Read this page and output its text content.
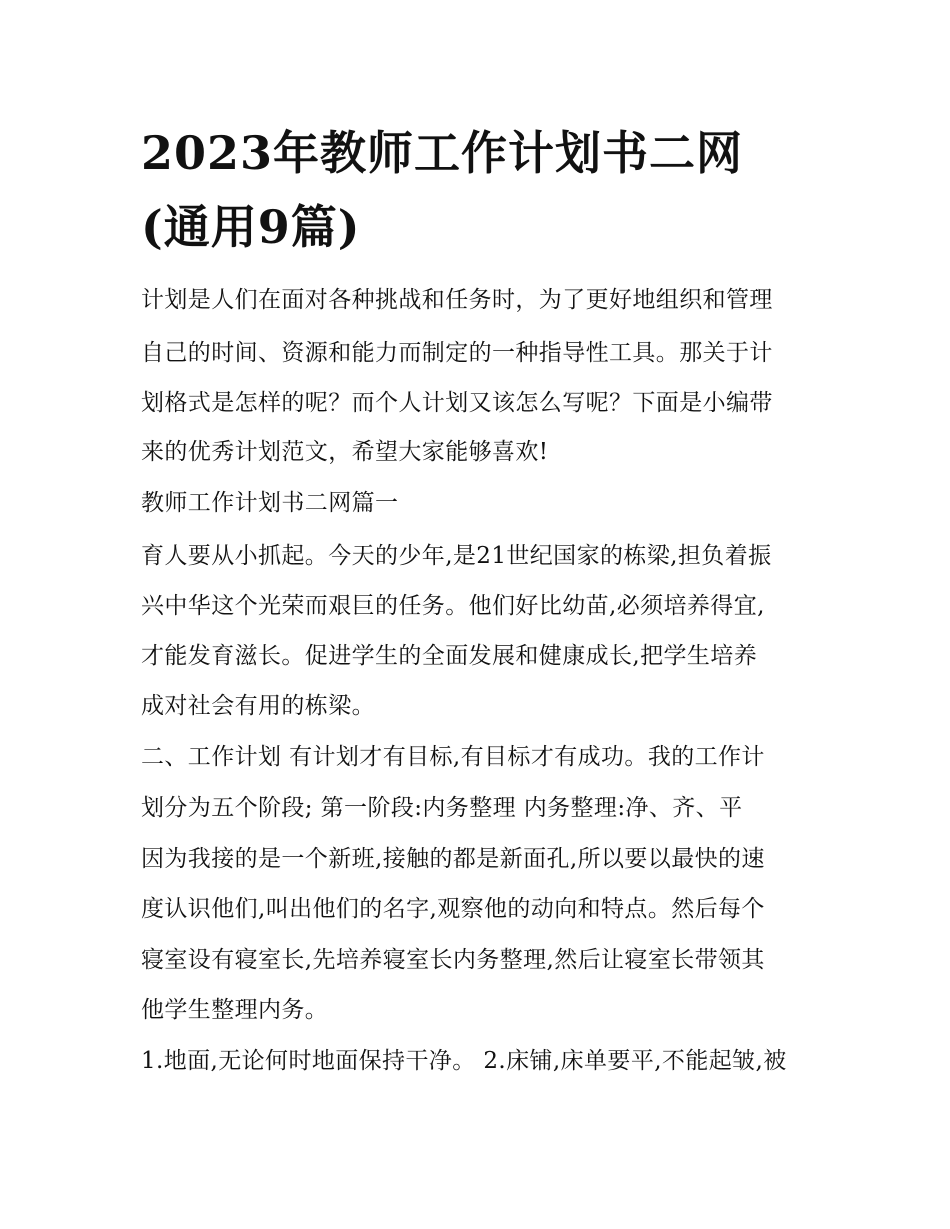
2023年教师工作计划书二网
(通用9篇)
计划是人们在面对各种挑战和任务时，为了更好地组织和管理
自己的时间、资源和能力而制定的一种指导性工具。那关于计
划格式是怎样的呢？而个人计划又该怎么写呢？下面是小编带
来的优秀计划范文，希望大家能够喜欢!
教师工作计划书二网篇一
育人要从小抓起。今天的少年,是21世纪国家的栋梁,担负着振
兴中华这个光荣而艰巨的任务。他们好比幼苗,必须培养得宜,
才能发育滋长。促进学生的全面发展和健康成长,把学生培养
成对社会有用的栋梁。
二、工作计划 有计划才有目标,有目标才有成功。我的工作计
划分为五个阶段; 第一阶段:内务整理 内务整理:净、齐、平
因为我接的是一个新班,接触的都是新面孔,所以要以最快的速
度认识他们,叫出他们的名字,观察他的动向和特点。然后每个
寝室设有寝室长,先培养寝室长内务整理,然后让寝室长带领其
他学生整理内务。
1.地面,无论何时地面保持干净。 2.床铺,床单要平,不能起皱,被
